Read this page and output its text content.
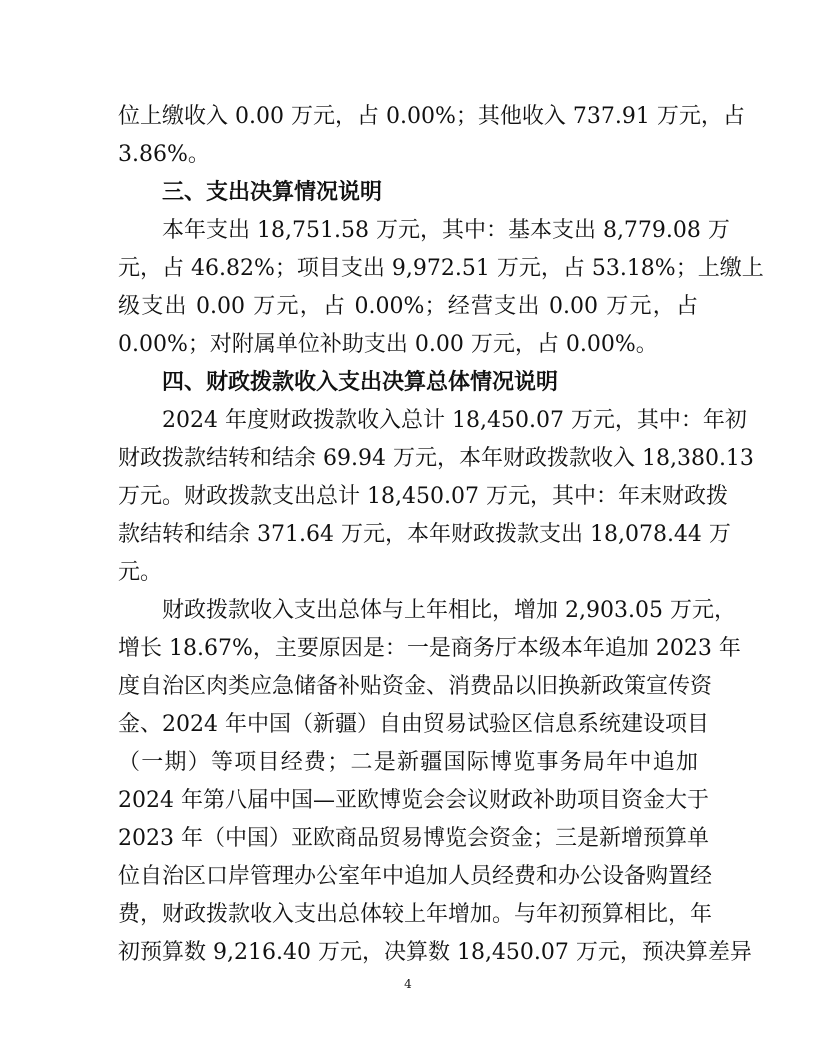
位上缴收入 0.00 万元，占 0.00%；其他收入 737.91 万元，占
3.86%。
三、支出决算情况说明
本年支出 18,751.58 万元，其中：基本支出 8,779.08 万
元，占 46.82%；项目支出 9,972.51 万元，占 53.18%；上缴上
级支出 0.00 万元，占 0.00%；经营支出 0.00 万元，占
0.00%；对附属单位补助支出 0.00 万元，占 0.00%。
四、财政拨款收入支出决算总体情况说明
2024 年度财政拨款收入总计 18,450.07 万元，其中：年初
财政拨款结转和结余 69.94 万元，本年财政拨款收入 18,380.13
万元。财政拨款支出总计 18,450.07 万元，其中：年末财政拨
款结转和结余 371.64 万元，本年财政拨款支出 18,078.44 万
元。
财政拨款收入支出总体与上年相比，增加 2,903.05 万元，
增长 18.67%，主要原因是：一是商务厅本级本年追加 2023 年
度自治区肉类应急储备补贴资金、消费品以旧换新政策宣传资
金、2024 年中国（新疆）自由贸易试验区信息系统建设项目
（一期）等项目经费；二是新疆国际博览事务局年中追加
2024 年第八届中国—亚欧博览会会议财政补助项目资金大于
2023 年（中国）亚欧商品贸易博览会资金；三是新增预算单
位自治区口岸管理办公室年中追加人员经费和办公设备购置经
费，财政拨款收入支出总体较上年增加。与年初预算相比，年
初预算数 9,216.40 万元，决算数 18,450.07 万元，预决算差异
4
